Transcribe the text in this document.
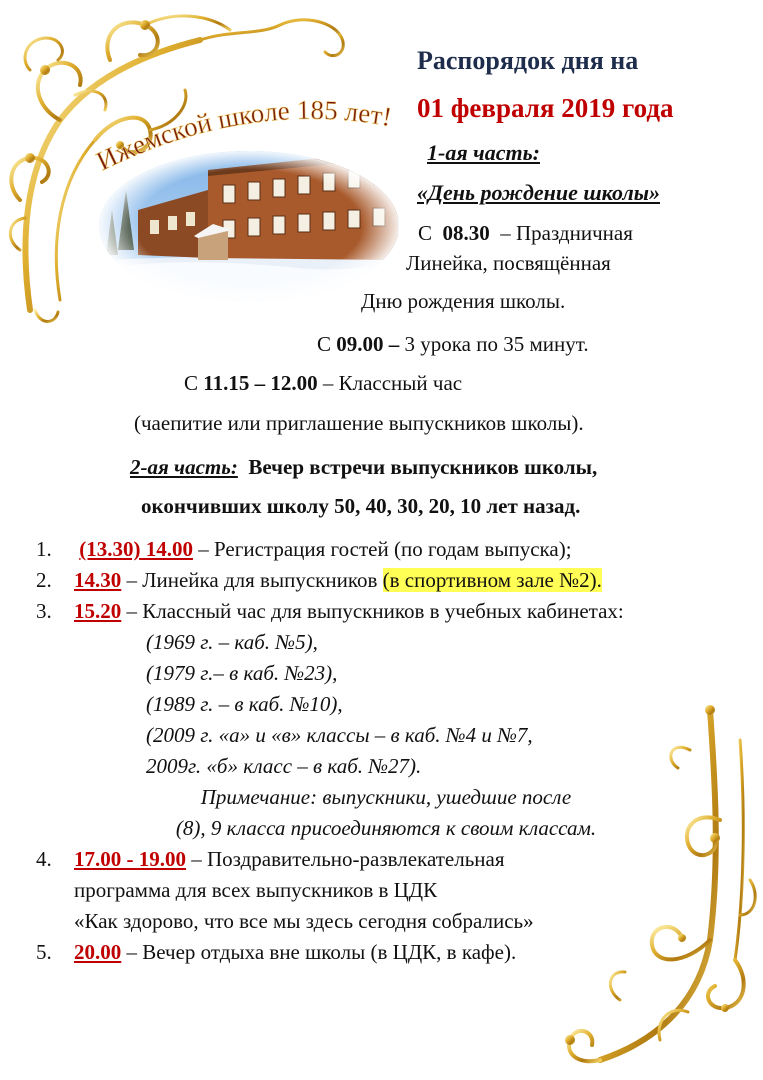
Ижемской школе 185 лет!
Распорядок дня на
01 февраля 2019 года
1-ая часть:
«День рождение школы»
С 08.30 – Праздничная
Линейка, посвящённая
Дню рождения школы.
С 09.00 – 3 урока по 35 минут.
С 11.15 – 12.00 – Классный час
(чаепитие или приглашение выпускников школы).
2-ая часть: Вечер встречи выпускников школы,
окончивших школу 50, 40, 30, 20, 10 лет назад.
1. (13.30) 14.00 – Регистрация гостей (по годам выпуска);
2. 14.30 – Линейка для выпускников (в спортивном зале №2).
3. 15.20 – Классный час для выпускников в учебных кабинетах:
(1969 г. – каб. №5),
(1979 г.– в каб. №23),
(1989 г. – в каб. №10),
(2009 г. «а» и «в» классы – в каб. №4 и №7,
2009г. «б» класс – в каб. №27).
Примечание: выпускники, ушедшие после
(8), 9 класса присоединяются к своим классам.
4. 17.00 - 19.00 – Поздравительно-развлекательная
программа для всех выпускников в ЦДК
«Как здорово, что все мы здесь сегодня собрались»
5. 20.00 – Вечер отдыха вне школы (в ЦДК, в кафе).
